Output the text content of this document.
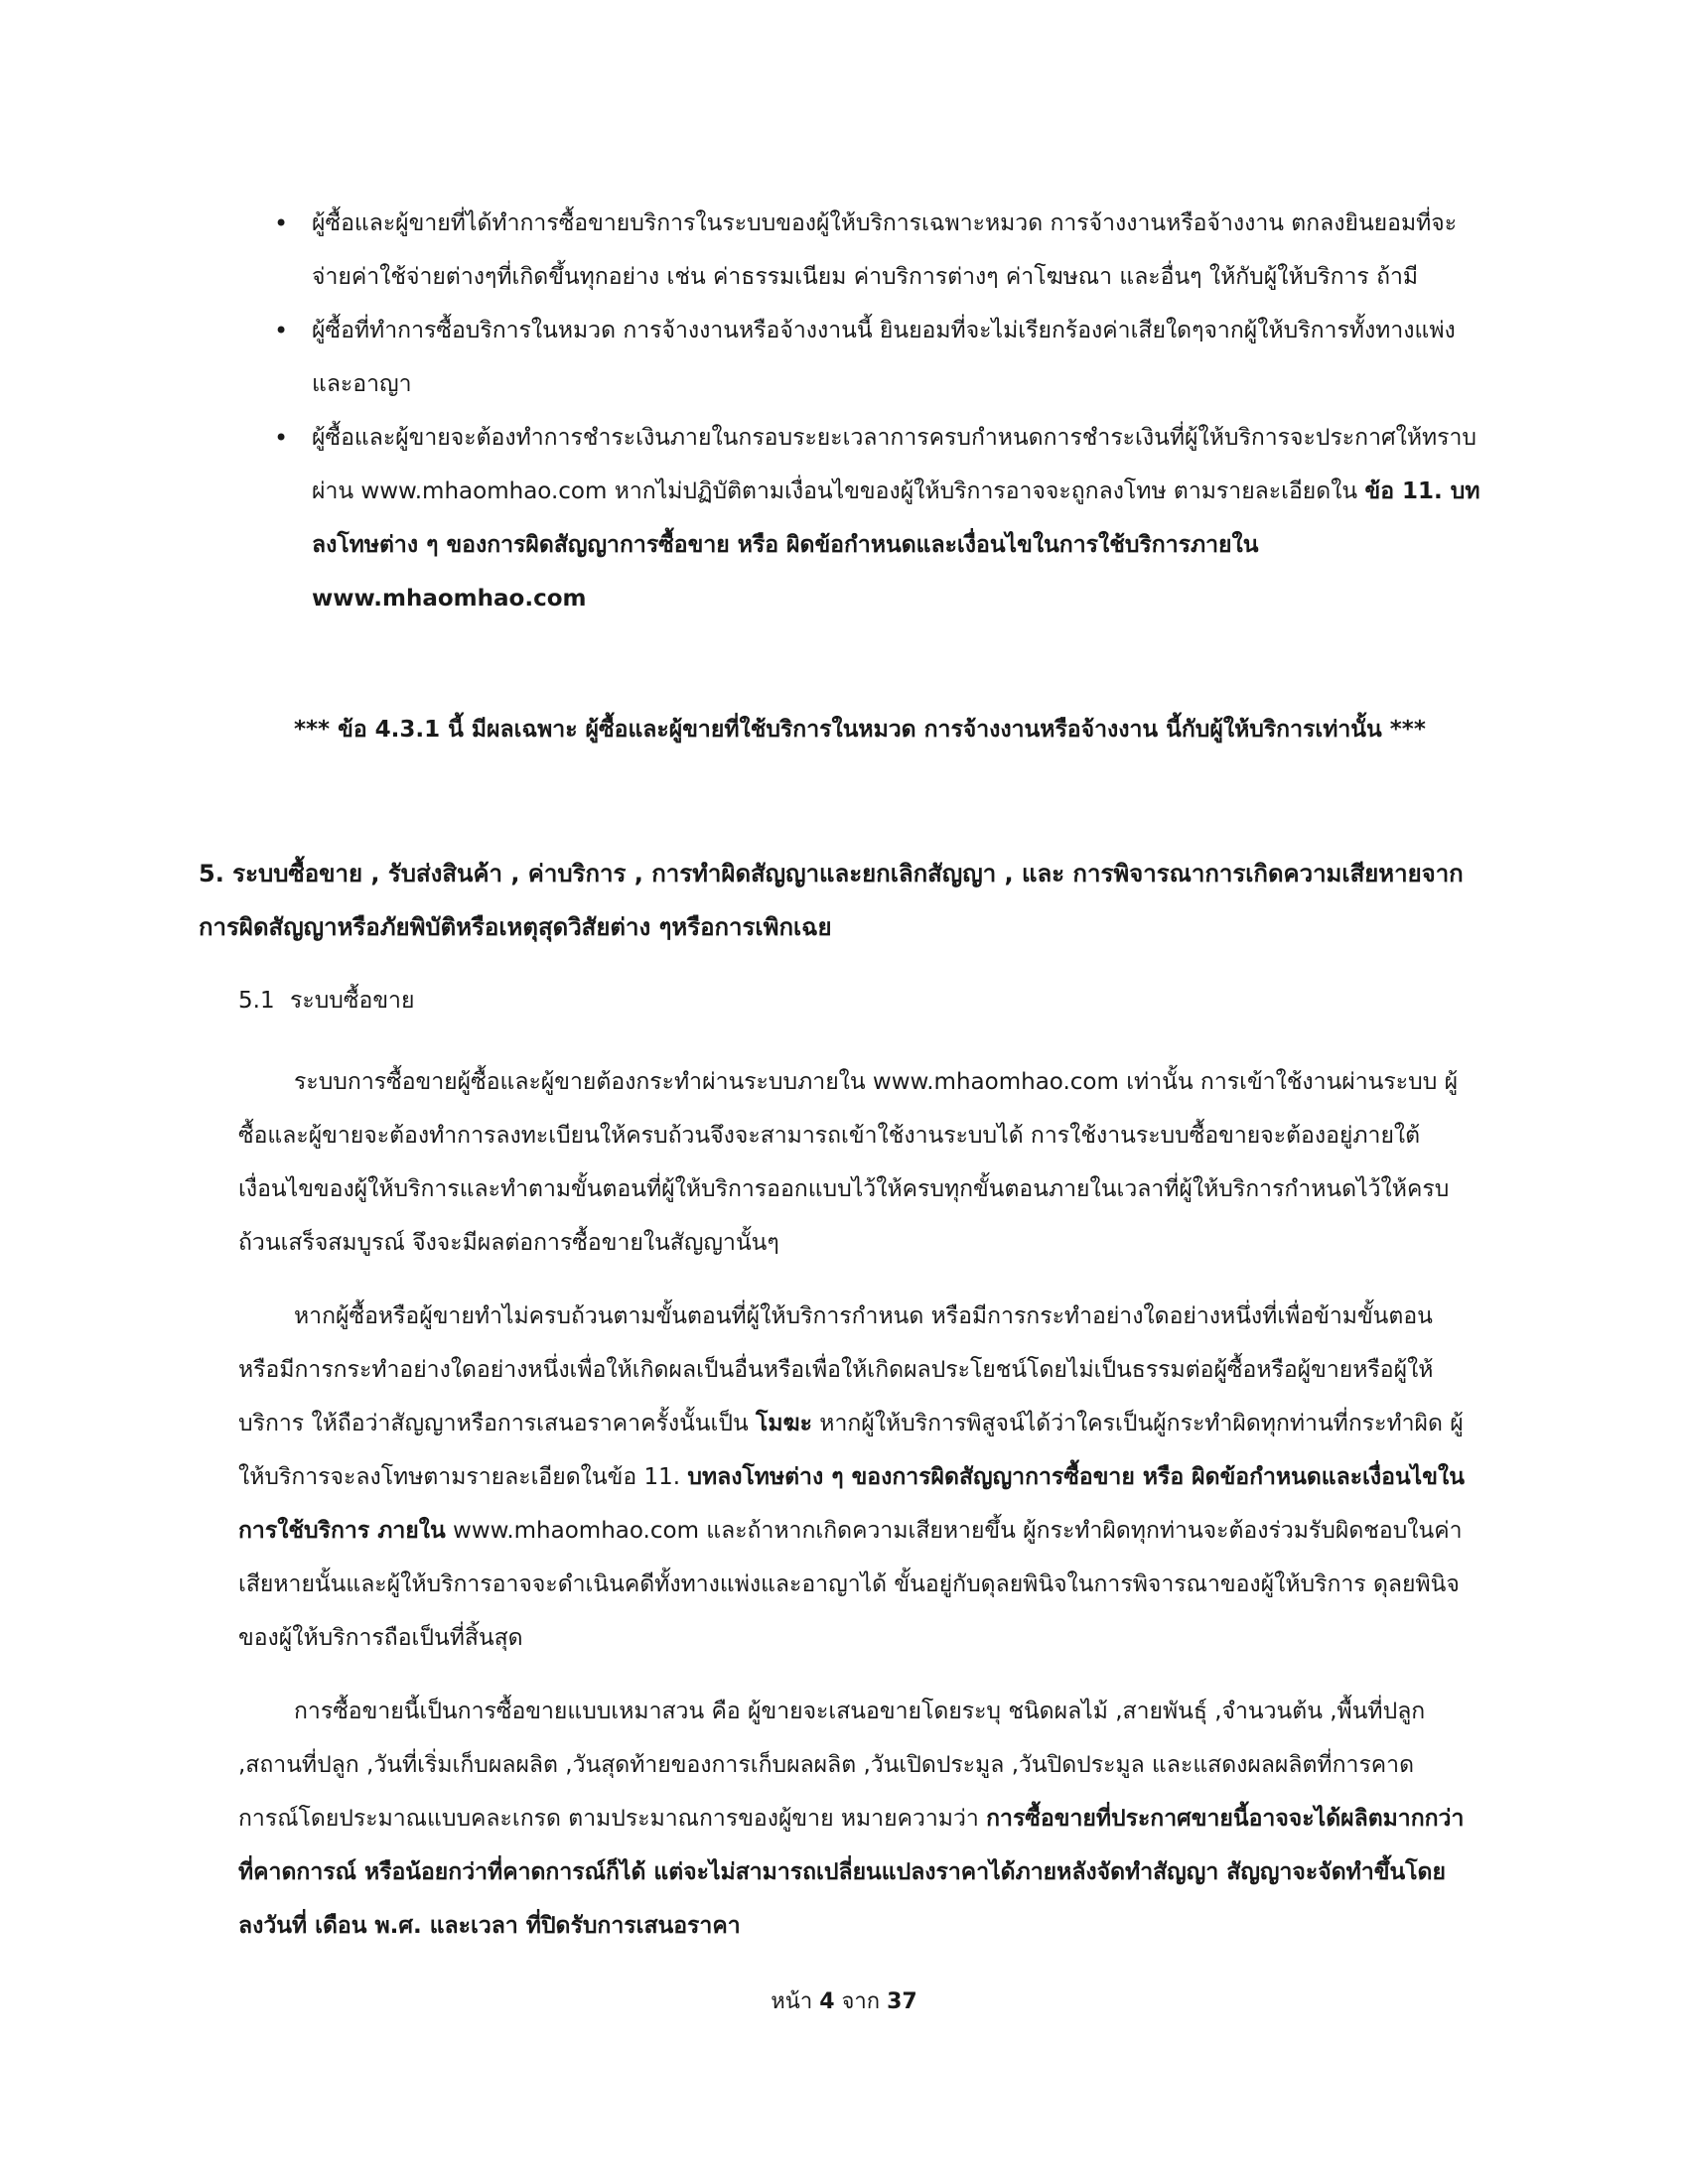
• ผู้ซื้อและผู้ขายที่ได้ทำการซื้อขายบริการในระบบของผู้ให้บริการเฉพาะหมวด การจ้างงานหรือจ้างงาน ตกลงยินยอมที่จะจ่ายค่าใช้จ่ายต่างๆที่เกิดขึ้นทุกอย่าง เช่น ค่าธรรมเนียม ค่าบริการต่างๆ ค่าโฆษณา และอื่นๆ ให้กับผู้ให้บริการ ถ้ามี
• ผู้ซื้อที่ทำการซื้อบริการในหมวด การจ้างงานหรือจ้างงานนี้ ยินยอมที่จะไม่เรียกร้องค่าเสียใดๆจากผู้ให้บริการทั้งทางแพ่งและอาญา
• ผู้ซื้อและผู้ขายจะต้องทำการชำระเงินภายในกรอบระยะเวลาการครบกำหนดการชำระเงินที่ผู้ให้บริการจะประกาศให้ทราบผ่าน www.mhaomhao.com หากไม่ปฏิบัติตามเงื่อนไขของผู้ให้บริการอาจจะถูกลงโทษ ตามรายละเอียดใน ข้อ 11. บทลงโทษต่าง ๆ ของการผิดสัญญาการซื้อขาย หรือ ผิดข้อกำหนดและเงื่อนไขในการใช้บริการภายใน www.mhaomhao.com

*** ข้อ 4.3.1 นี้ มีผลเฉพาะ ผู้ซื้อและผู้ขายที่ใช้บริการในหมวด การจ้างงานหรือจ้างงาน นี้กับผู้ให้บริการเท่านั้น ***

5. ระบบซื้อขาย , รับส่งสินค้า , ค่าบริการ , การทำผิดสัญญาและยกเลิกสัญญา , และ การพิจารณาการเกิดความเสียหายจากการผิดสัญญาหรือภัยพิบัติหรือเหตุสุดวิสัยต่าง ๆหรือการเพิกเฉย

5.1 ระบบซื้อขาย

ระบบการซื้อขายผู้ซื้อและผู้ขายต้องกระทำผ่านระบบภายใน www.mhaomhao.com เท่านั้น การเข้าใช้งานผ่านระบบ ผู้ซื้อและผู้ขายจะต้องทำการลงทะเบียนให้ครบถ้วนจึงจะสามารถเข้าใช้งานระบบได้ การใช้งานระบบซื้อขายจะต้องอยู่ภายใต้เงื่อนไขของผู้ให้บริการและทำตามขั้นตอนที่ผู้ให้บริการออกแบบไว้ให้ครบทุกขั้นตอนภายในเวลาที่ผู้ให้บริการกำหนดไว้ให้ครบถ้วนเสร็จสมบูรณ์ จึงจะมีผลต่อการซื้อขายในสัญญานั้นๆ

หากผู้ซื้อหรือผู้ขายทำไม่ครบถ้วนตามขั้นตอนที่ผู้ให้บริการกำหนด หรือมีการกระทำอย่างใดอย่างหนึ่งที่เพื่อข้ามขั้นตอน หรือมีการกระทำอย่างใดอย่างหนึ่งเพื่อให้เกิดผลเป็นอื่นหรือเพื่อให้เกิดผลประโยชน์โดยไม่เป็นธรรมต่อผู้ซื้อหรือผู้ขายหรือผู้ให้บริการ ให้ถือว่าสัญญาหรือการเสนอราคาครั้งนั้นเป็น โมฆะ หากผู้ให้บริการพิสูจน์ได้ว่าใครเป็นผู้กระทำผิดทุกท่านที่กระทำผิด ผู้ให้บริการจะลงโทษตามรายละเอียดในข้อ 11. บทลงโทษต่าง ๆ ของการผิดสัญญาการซื้อขาย หรือ ผิดข้อกำหนดและเงื่อนไขในการใช้บริการ ภายใน www.mhaomhao.com และถ้าหากเกิดความเสียหายขึ้น ผู้กระทำผิดทุกท่านจะต้องร่วมรับผิดชอบในค่าเสียหายนั้นและผู้ให้บริการอาจจะดำเนินคดีทั้งทางแพ่งและอาญาได้ ขั้นอยู่กับดุลยพินิจในการพิจารณาของผู้ให้บริการ ดุลยพินิจของผู้ให้บริการถือเป็นที่สิ้นสุด

การซื้อขายนี้เป็นการซื้อขายแบบเหมาสวน คือ ผู้ขายจะเสนอขายโดยระบุ ชนิดผลไม้ ,สายพันธุ์ ,จำนวนต้น ,พื้นที่ปลูก ,สถานที่ปลูก ,วันที่เริ่มเก็บผลผลิต ,วันสุดท้ายของการเก็บผลผลิต ,วันเปิดประมูล ,วันปิดประมูล และแสดงผลผลิตที่การคาดการณ์โดยประมาณแบบคละเกรด ตามประมาณการของผู้ขาย หมายความว่า การซื้อขายที่ประกาศขายนี้อาจจะได้ผลิตมากกว่าที่คาดการณ์ หรือน้อยกว่าที่คาดการณ์ก็ได้ แต่จะไม่สามารถเปลี่ยนแปลงราคาได้ภายหลังจัดทำสัญญา สัญญาจะจัดทำขึ้นโดยลงวันที่ เดือน พ.ศ. และเวลา ที่ปิดรับการเสนอราคา

หน้า 4 จาก 37
